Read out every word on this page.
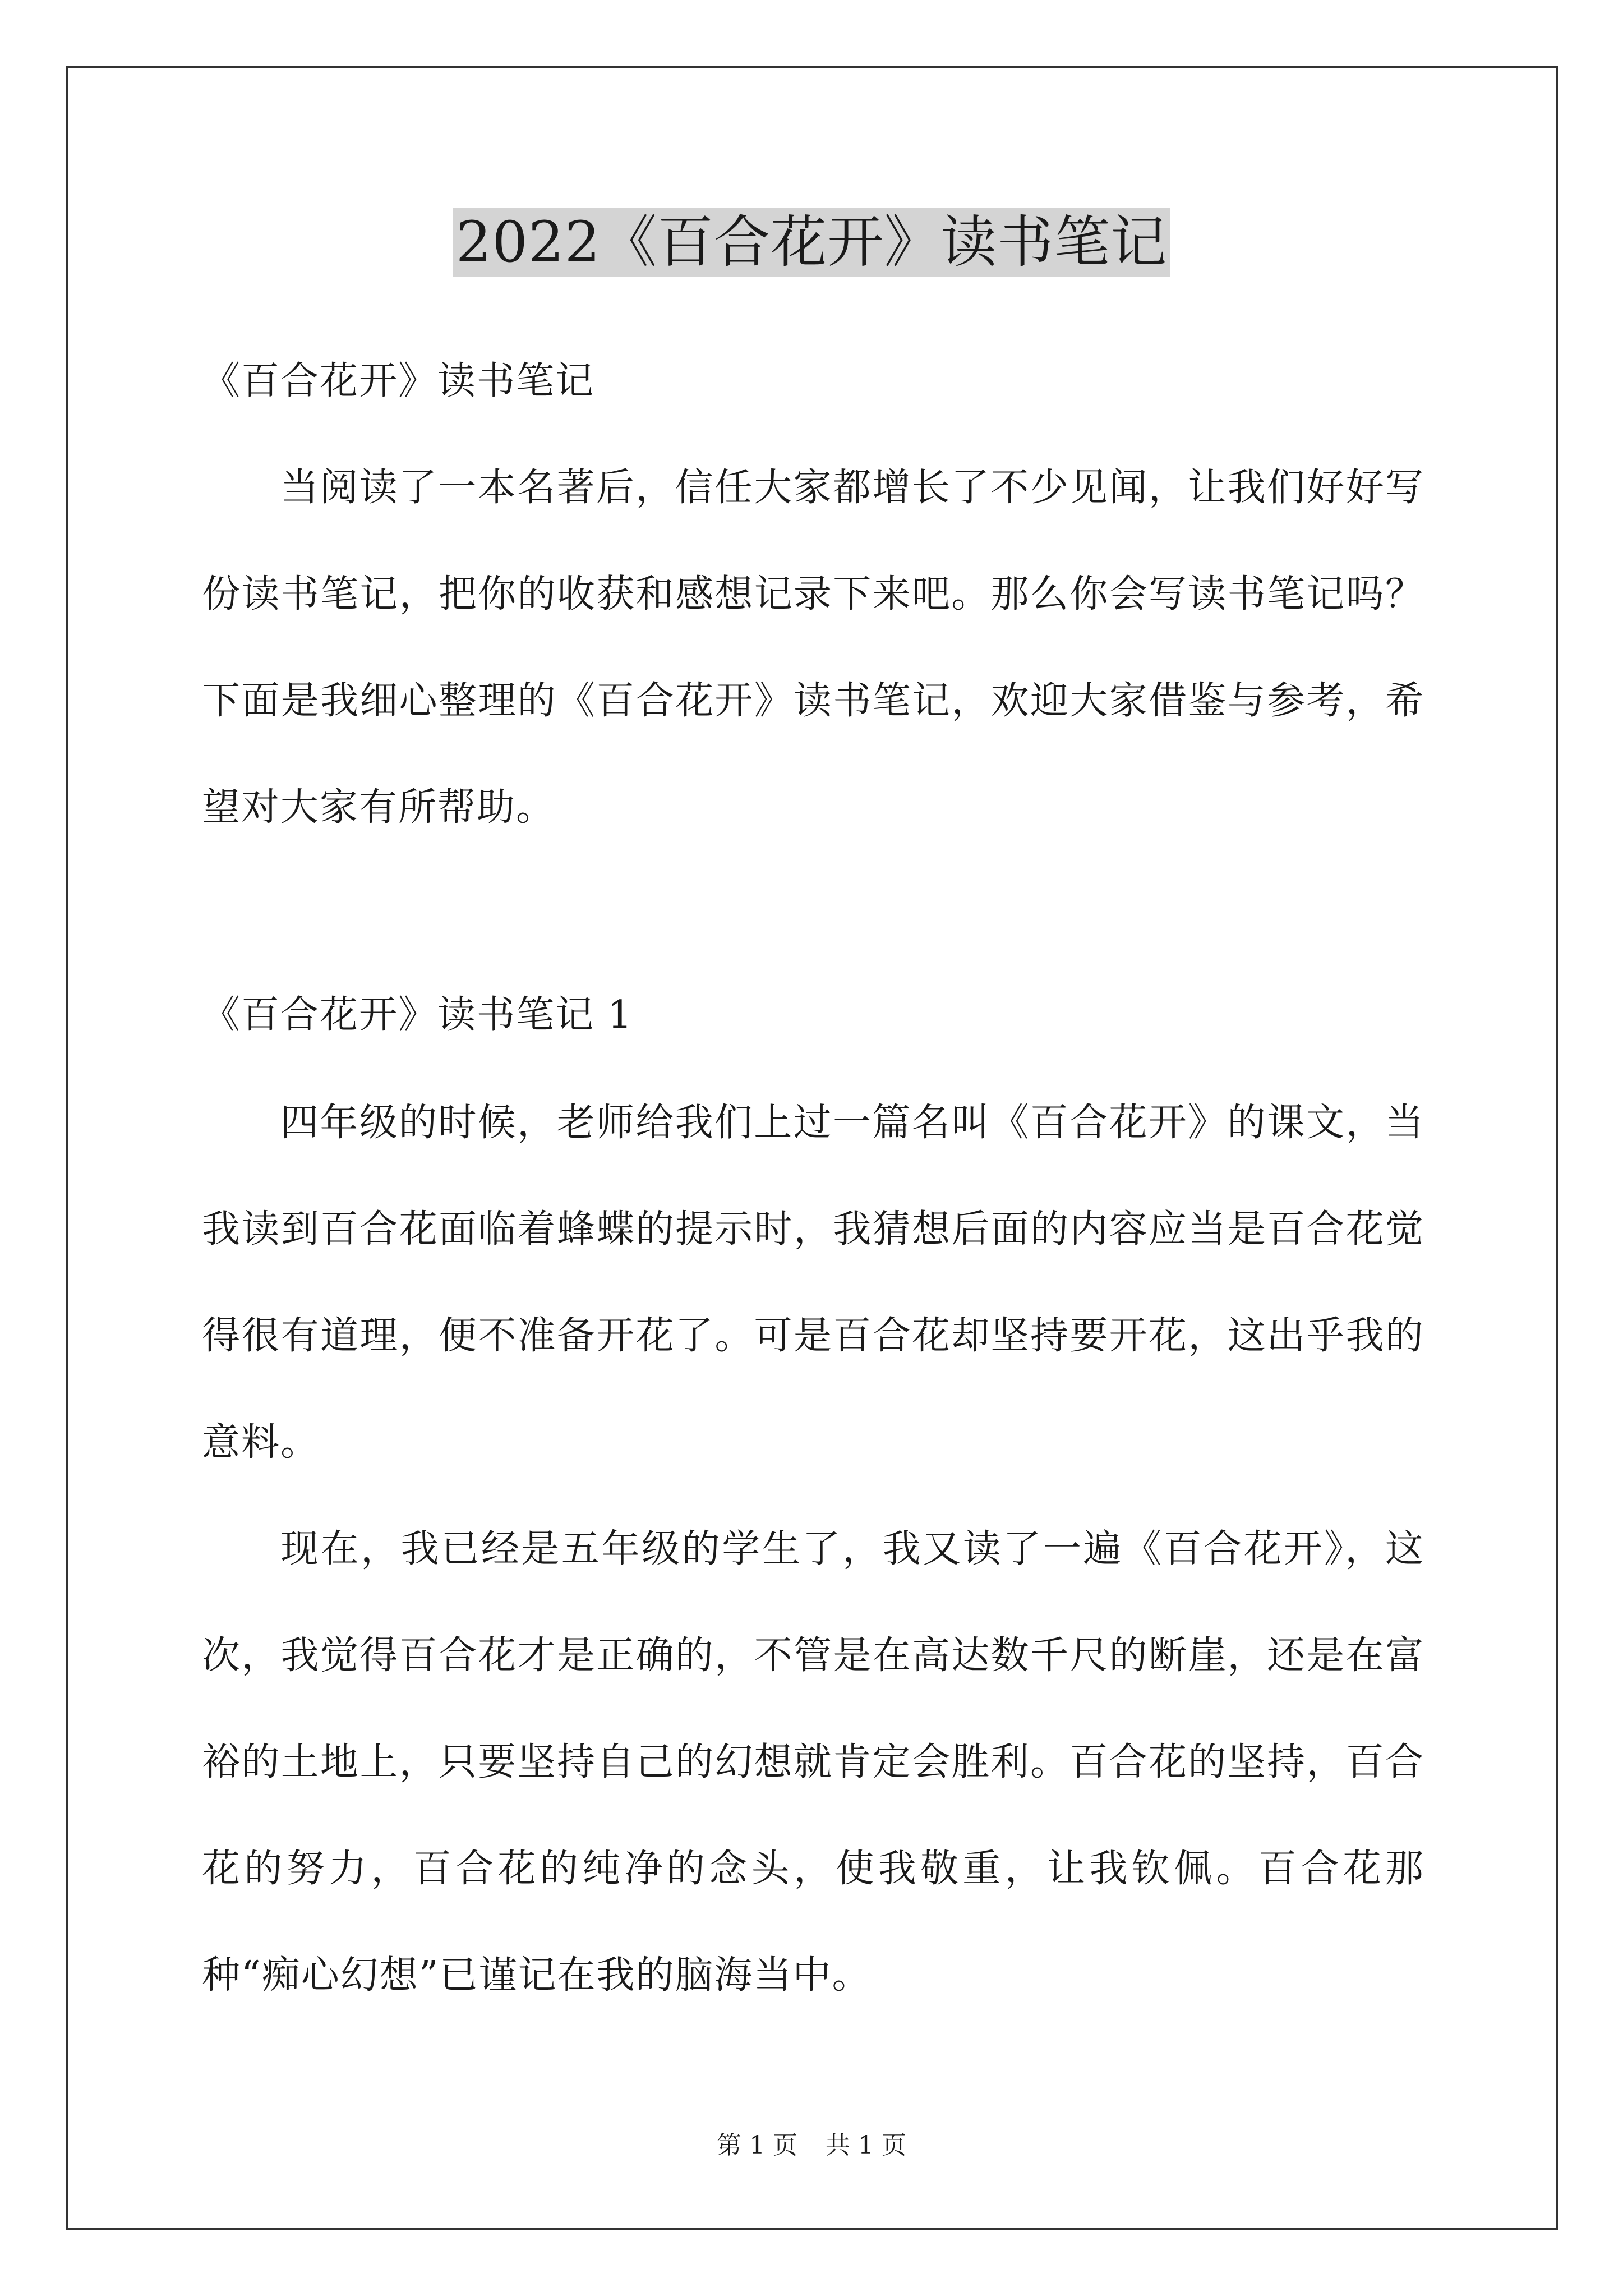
2022《百合花开》读书笔记
《百合花开》读书笔记

当阅读了一本名著后，信任大家都增长了不少见闻，让我们好好写份读书笔记，把你的收获和感想记录下来吧。那么你会写读书笔记吗？下面是我细心整理的《百合花开》读书笔记，欢迎大家借鉴与参考，希望对大家有所帮助。

《百合花开》读书笔记 1

四年级的时候，老师给我们上过一篇名叫《百合花开》的课文，当我读到百合花面临着蜂蝶的提示时，我猜想后面的内容应当是百合花觉得很有道理，便不准备开花了。可是百合花却坚持要开花，这出乎我的意料。

现在，我已经是五年级的学生了，我又读了一遍《百合花开》，这次，我觉得百合花才是正确的，不管是在高达数千尺的断崖，还是在富裕的土地上，只要坚持自己的幻想就肯定会胜利。百合花的坚持，百合花的努力，百合花的纯净的念头，使我敬重，让我钦佩。百合花那种“痴心幻想”已谨记在我的脑海当中。

第 1 页 共 1 页
